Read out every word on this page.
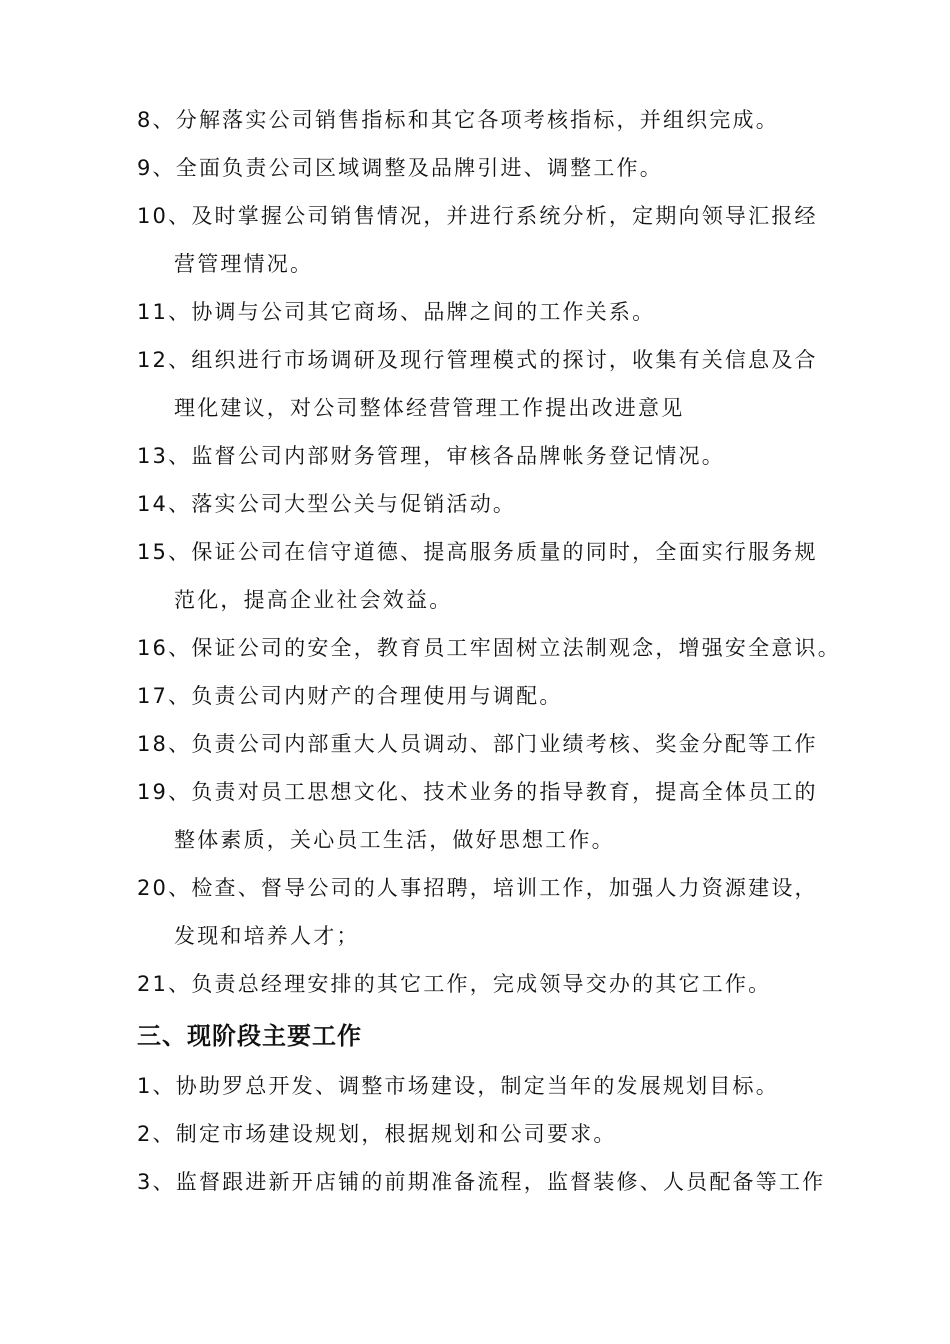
8、分解落实公司销售指标和其它各项考核指标，并组织完成。
9、全面负责公司区域调整及品牌引进、调整工作。
10、及时掌握公司销售情况，并进行系统分析，定期向领导汇报经
营管理情况。
11、协调与公司其它商场、品牌之间的工作关系。
12、组织进行市场调研及现行管理模式的探讨，收集有关信息及合
理化建议，对公司整体经营管理工作提出改进意见
13、监督公司内部财务管理，审核各品牌帐务登记情况。
14、落实公司大型公关与促销活动。
15、保证公司在信守道德、提高服务质量的同时，全面实行服务规
范化，提高企业社会效益。
16、保证公司的安全，教育员工牢固树立法制观念，增强安全意识。
17、负责公司内财产的合理使用与调配。
18、负责公司内部重大人员调动、部门业绩考核、奖金分配等工作
19、负责对员工思想文化、技术业务的指导教育，提高全体员工的
整体素质，关心员工生活，做好思想工作。
20、检查、督导公司的人事招聘，培训工作，加强人力资源建设，
发现和培养人才；
21、负责总经理安排的其它工作，完成领导交办的其它工作。
三、现阶段主要工作
1、协助罗总开发、调整市场建设，制定当年的发展规划目标。
2、制定市场建设规划，根据规划和公司要求。
3、监督跟进新开店铺的前期准备流程，监督装修、人员配备等工作
